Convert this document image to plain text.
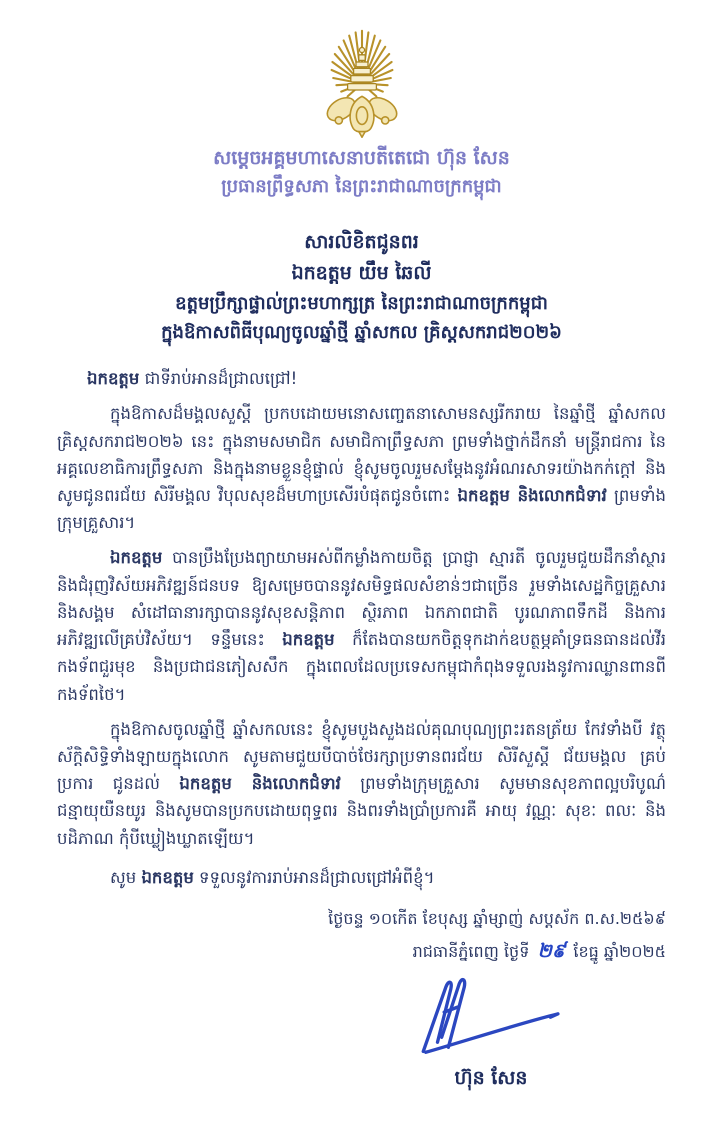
សម្តេចអគ្គមហាសេនាបតីតេជោ ហ៊ុន សែន
ប្រធានព្រឹទ្ធសភា នៃព្រះរាជាណាចក្រកម្ពុជា
សារលិខិតជូនពរ
ឯកឧត្តម យឹម ឆៃលី
ឧត្តមប្រឹក្សាផ្ទាល់ព្រះមហាក្សត្រ នៃព្រះរាជាណាចក្រកម្ពុជា
ក្នុងឱកាសពិធីបុណ្យចូលឆ្នាំថ្មី ឆ្នាំសកល គ្រិស្តសករាជ២០២៦
ឯកឧត្តម ជាទីរាប់អានដ៏ជ្រាលជ្រៅ!

ក្នុងឱកាសដ៏មង្គលសួស្តី ប្រកបដោយមនោសញ្ចេតនាសោមនស្សរីករាយ នៃឆ្នាំថ្មី ឆ្នាំសកល គ្រិស្តសករាជ២០២៦ នេះ ក្នុងនាមសមាជិក សមាជិកាព្រឹទ្ធសភា ព្រមទាំងថ្នាក់ដឹកនាំ មន្ត្រីរាជការ នៃអគ្គលេខាធិការព្រឹទ្ធសភា និងក្នុងនាមខ្លួនខ្ញុំផ្ទាល់ ខ្ញុំសូមចូលរួមសម្តែងនូវអំណរសាទរយ៉ាងកក់ក្តៅ និងសូមជូនពរជ័យ សិរីមង្គល វិបុលសុខដ៏មហាប្រសើរបំផុតជូនចំពោះ ឯកឧត្តម និងលោកជំទាវ ព្រមទាំងក្រុមគ្រួសារ។

ឯកឧត្តម បានប្រឹងប្រែងព្យាយាមអស់ពីកម្លាំងកាយចិត្ត ប្រាជ្ញា ស្មារតី ចូលរួមជួយដឹកនាំស្ថារ និងជំរុញវិស័យអភិវឌ្ឍន៍ជនបទ ឱ្យសម្រេចបាននូវសមិទ្ធផលសំខាន់ៗជាច្រើន រួមទាំងសេដ្ឋកិច្ចគ្រួសារ និងសង្គម សំដៅធានារក្សាបាននូវសុខសន្តិភាព ស្ថិរភាព ឯកភាពជាតិ បូរណភាពទឹកដី និងការអភិវឌ្ឍលើគ្រប់វិស័យ។ ទន្ទឹមនេះ ឯកឧត្តម ក៏តែងបានយកចិត្តទុកដាក់ឧបត្ថម្ភគាំទ្រធនធានដល់វីរកងទ័ពជួរមុខ និងប្រជាជនភៀសសឹក ក្នុងពេលដែលប្រទេសកម្ពុជាកំពុងទទួលរងនូវការឈ្លានពានពីកងទ័ពថៃ។

ក្នុងឱកាសចូលឆ្នាំថ្មី ឆ្នាំសកលនេះ ខ្ញុំសូមបួងសួងដល់គុណបុណ្យព្រះរតនត្រ័យ កែវទាំងបី វត្ថុស័ក្តិសិទ្ធិទាំងឡាយក្នុងលោក សូមតាមជួយបីបាច់ថែរក្សាប្រទានពរជ័យ សិរីសួស្តី ជ័យមង្គល គ្រប់ប្រការ ជូនដល់ ឯកឧត្តម និងលោកជំទាវ ព្រមទាំងក្រុមគ្រួសារ សូមមានសុខភាពល្អបរិបូណ៌ ជន្មាយុយឺនយូរ និងសូមបានប្រកបដោយពុទ្ធពរ និងពរទាំងប្រាំប្រការគឺ អាយុ វណ្ណៈ សុខៈ ពលៈ និងបដិភាណ កុំបីឃ្លៀងឃ្លាតឡើយ។

សូម ឯកឧត្តម ទទួលនូវការរាប់អានដ៏ជ្រាលជ្រៅអំពីខ្ញុំ។

ថ្ងៃចន្ទ ១០កើត ខែបុស្ស ឆ្នាំម្សាញ់ សប្តស័ក ព.ស.២៥៦៩
រាជធានីភ្នំពេញ ថ្ងៃទី ២៩ ខែធ្នូ ឆ្នាំ២០២៥
ហ៊ុន សែន
